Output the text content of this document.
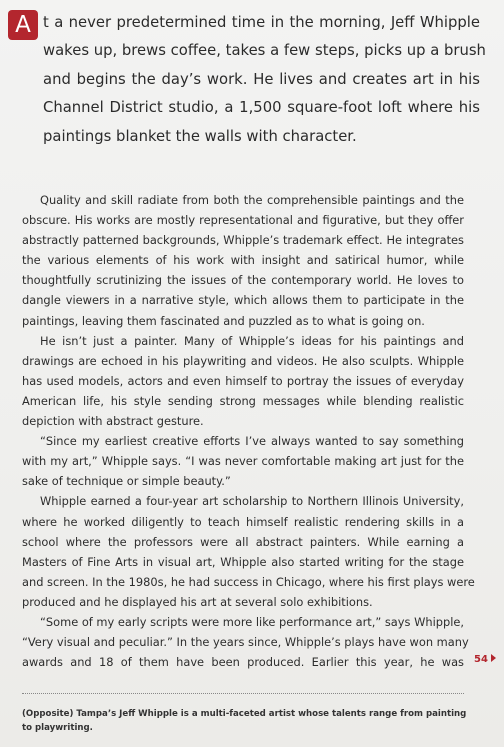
A t a never predetermined time in the morning, Jeff Whipple
wakes up, brews coffee, takes a few steps, picks up a brush
and begins the day’s work. He lives and creates art in his
Channel District studio, a 1,500 square-foot loft where his
paintings blanket the walls with character.
Quality and skill radiate from both the comprehensible paintings and the
obscure. His works are mostly representational and figurative, but they offer
abstractly patterned backgrounds, Whipple’s trademark effect. He integrates
the various elements of his work with insight and satirical humor, while
thoughtfully scrutinizing the issues of the contemporary world. He loves to
dangle viewers in a narrative style, which allows them to participate in the
paintings, leaving them fascinated and puzzled as to what is going on.
He isn’t just a painter. Many of Whipple’s ideas for his paintings and
drawings are echoed in his playwriting and videos. He also sculpts. Whipple
has used models, actors and even himself to portray the issues of everyday
American life, his style sending strong messages while blending realistic
depiction with abstract gesture.
“Since my earliest creative efforts I’ve always wanted to say something
with my art,” Whipple says. “I was never comfortable making art just for the
sake of technique or simple beauty.”
Whipple earned a four-year art scholarship to Northern Illinois University,
where he worked diligently to teach himself realistic rendering skills in a
school where the professors were all abstract painters. While earning a
Masters of Fine Arts in visual art, Whipple also started writing for the stage
and screen. In the 1980s, he had success in Chicago, where his first plays were
produced and he displayed his art at several solo exhibitions.
“Some of my early scripts were more like performance art,” says Whipple,
“Very visual and peculiar.” In the years since, Whipple’s plays have won many
awards and 18 of them have been produced. Earlier this year, he was 54
(Opposite) Tampa’s Jeff Whipple is a multi-faceted artist whose talents range from painting
to playwriting.
